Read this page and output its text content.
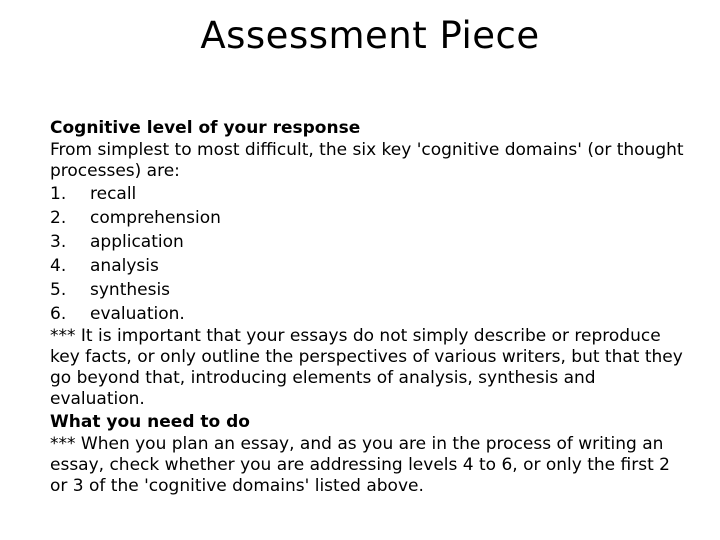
Assessment Piece

Cognitive level of your response

From simplest to most difficult, the six key 'cognitive domains' (or thought processes) are:

1.	recall
2.	comprehension
3.	application
4.	analysis
5.	synthesis
6.	evaluation.

*** It is important that your essays do not simply describe or reproduce key facts, or only outline the perspectives of various writers, but that they go beyond that, introducing elements of analysis, synthesis and evaluation.

What you need to do

*** When you plan an essay, and as you are in the process of writing an essay, check whether you are addressing levels 4 to 6, or only the first 2 or 3 of the 'cognitive domains' listed above.
